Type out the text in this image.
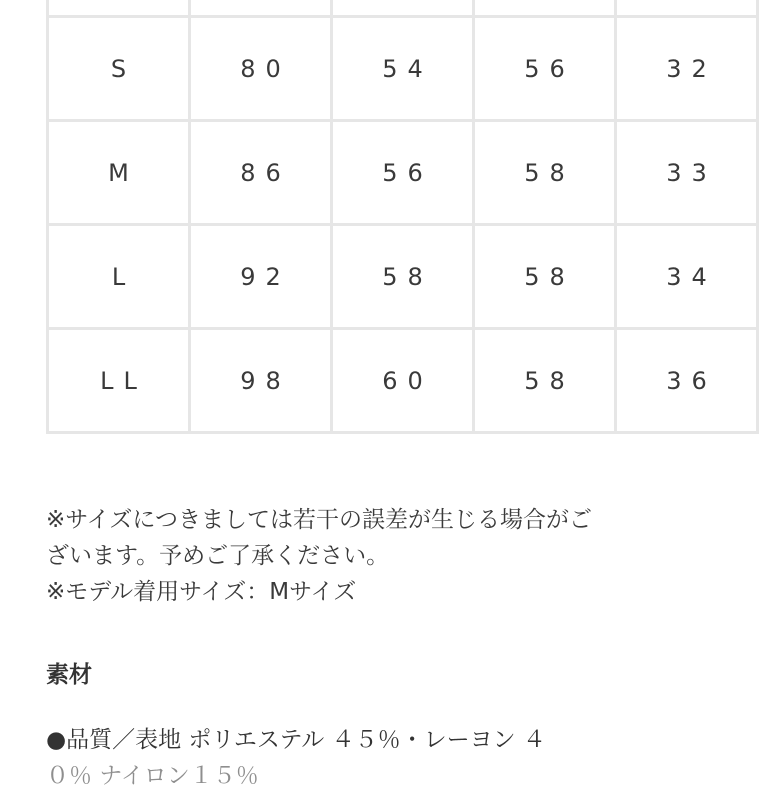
S	80	54	56	32
M	86	56	58	33
L	92	58	58	34
LL	98	60	58	36

※サイズにつきましては若干の誤差が生じる場合がご

ざいます。予めご了承ください。

※モデル着用サイズ：Mサイズ

素材

●品質／表地 ポリエステル ４５％・レーヨン ４

０％ ナイロン１５％
